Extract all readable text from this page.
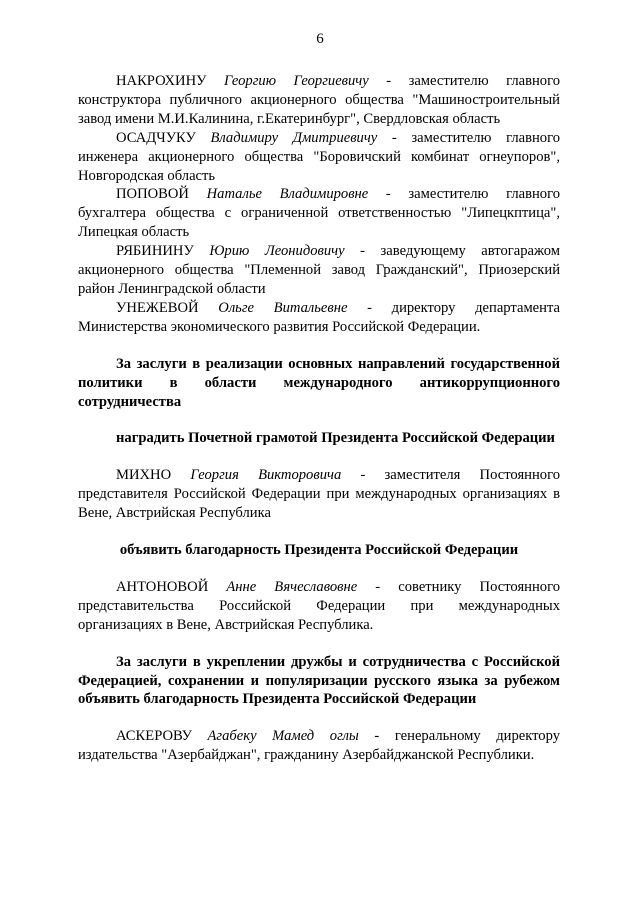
6

НАКРОХИНУ Георгию Георгиевичу - заместителю главного конструктора публичного акционерного общества "Машиностроительный завод имени М.И.Калинина, г.Екатеринбург", Свердловская область

ОСАДЧУКУ Владимиру Дмитриевичу - заместителю главного инженера акционерного общества "Боровичский комбинат огнеупоров", Новгородская область

ПОПОВОЙ Наталье Владимировне - заместителю главного бухгалтера общества с ограниченной ответственностью "Липецкптица", Липецкая область

РЯБИНИНУ Юрию Леонидовичу - заведующему автогаражом акционерного общества "Племенной завод Гражданский", Приозерский район Ленинградской области

УНЕЖЕВОЙ Ольге Витальевне - директору департамента Министерства экономического развития Российской Федерации.

За заслуги в реализации основных направлений государственной политики в области международного антикоррупционного сотрудничества

наградить Почетной грамотой Президента Российской Федерации

МИХНО Георгия Викторовича - заместителя Постоянного представителя Российской Федерации при международных организациях в Вене, Австрийская Республика

объявить благодарность Президента Российской Федерации

АНТОНОВОЙ Анне Вячеславовне - советнику Постоянного представительства Российской Федерации при международных организациях в Вене, Австрийская Республика.

За заслуги в укреплении дружбы и сотрудничества с Российской Федерацией, сохранении и популяризации русского языка за рубежом объявить благодарность Президента Российской Федерации

АСКЕРОВУ Агабеку Мамед оглы - генеральному директору издательства "Азербайджан", гражданину Азербайджанской Республики.
